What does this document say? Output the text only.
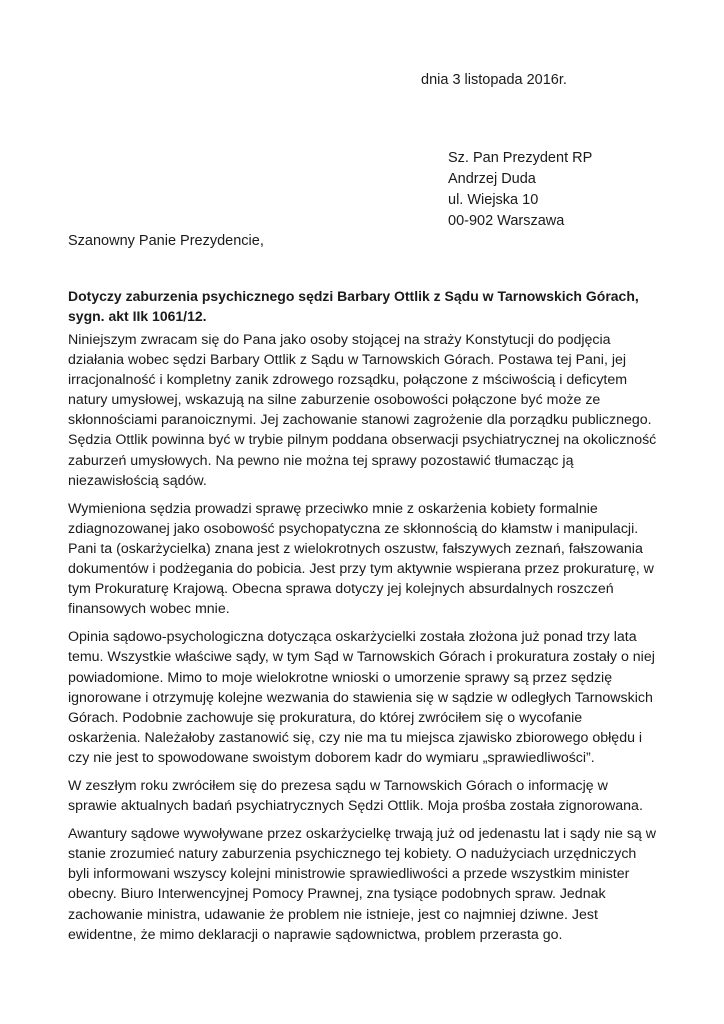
dnia 3 listopada 2016r.
Sz. Pan Prezydent RP
Andrzej Duda
ul. Wiejska 10
00-902 Warszawa
Szanowny Panie Prezydencie,
Dotyczy zaburzenia psychicznego sędzi Barbary Ottlik z Sądu w Tarnowskich Górach, sygn. akt IIk 1061/12.

Niniejszym zwracam się do Pana jako osoby stojącej na straży Konstytucji do podjęcia działania wobec sędzi Barbary Ottlik z Sądu w Tarnowskich Górach. Postawa tej Pani, jej irracjonalność i kompletny zanik zdrowego rozsądku, połączone z mściwością i deficytem natury umysłowej, wskazują na silne zaburzenie osobowości połączone być może ze skłonnościami paranoicznymi. Jej zachowanie stanowi zagrożenie dla porządku publicznego. Sędzia Ottlik powinna być w trybie pilnym poddana obserwacji psychiatrycznej na okoliczność zaburzeń umysłowych. Na pewno nie można tej sprawy pozostawić tłumacząc ją niezawisłością sądów.

Wymieniona sędzia prowadzi sprawę przeciwko mnie z oskarżenia kobiety formalnie zdiagnozowanej jako osobowość psychopatyczna ze skłonnością do kłamstw i manipulacji. Pani ta (oskarżycielka) znana jest z wielokrotnych oszustw, fałszywych zeznań, fałszowania dokumentów i podżegania do pobicia. Jest przy tym aktywnie wspierana przez prokuraturę, w tym Prokuraturę Krajową. Obecna sprawa dotyczy jej kolejnych absurdalnych roszczeń finansowych wobec mnie.

Opinia sądowo-psychologiczna dotycząca oskarżycielki została złożona już ponad trzy lata temu. Wszystkie właściwe sądy, w tym Sąd w Tarnowskich Górach i prokuratura zostały o niej powiadomione. Mimo to moje wielokrotne wnioski o umorzenie sprawy są przez sędzię ignorowane i otrzymuję kolejne wezwania do stawienia się w sądzie w odległych Tarnowskich Górach. Podobnie zachowuje się prokuratura, do której zwróciłem się o wycofanie oskarżenia. Należałoby zastanowić się, czy nie ma tu miejsca zjawisko zbiorowego obłędu i czy nie jest to spowodowane swoistym doborem kadr do wymiaru „sprawiedliwości”.

W zeszłym roku zwróciłem się do prezesa sądu w Tarnowskich Górach o informację w sprawie aktualnych badań psychiatrycznych Sędzi Ottlik. Moja prośba została zignorowana.

Awantury sądowe wywoływane przez oskarżycielkę trwają już od jedenastu lat i sądy nie są w stanie zrozumieć natury zaburzenia psychicznego tej kobiety. O nadużyciach urzędniczych byli informowani wszyscy kolejni ministrowie sprawiedliwości a przede wszystkim minister obecny. Biuro Interwencyjnej Pomocy Prawnej, zna tysiące podobnych spraw. Jednak zachowanie ministra, udawanie że problem nie istnieje, jest co najmniej dziwne. Jest ewidentne, że mimo deklaracji o naprawie sądownictwa, problem przerasta go.
